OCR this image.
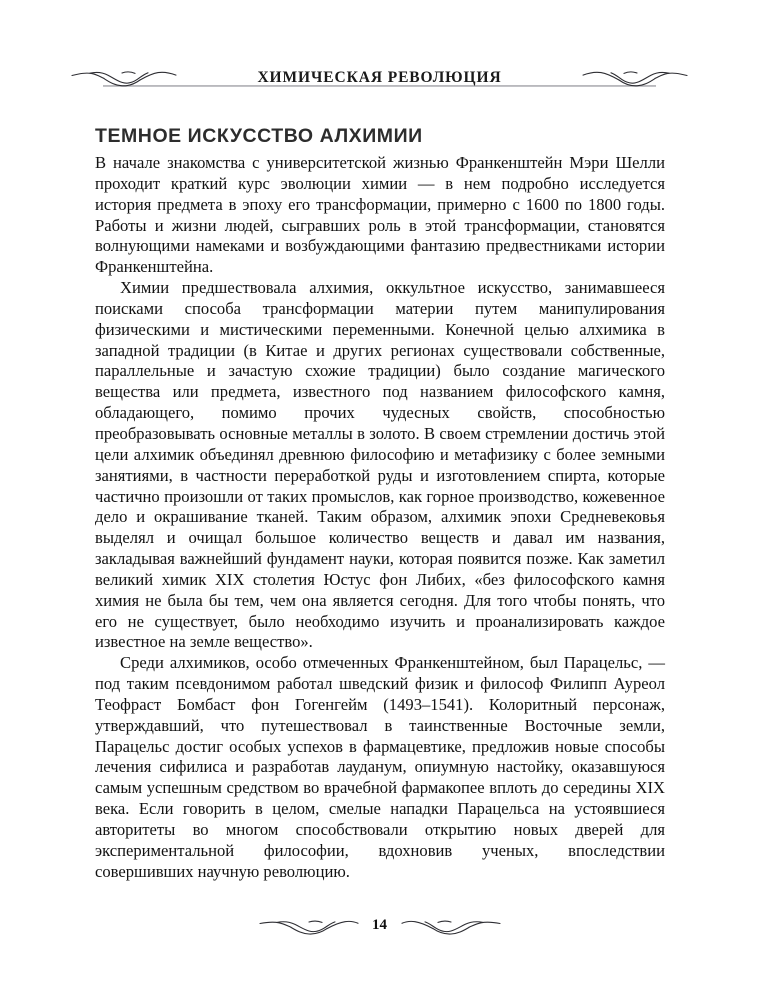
ХИМИЧЕСКАЯ РЕВОЛЮЦИЯ
ТЕМНОЕ ИСКУССТВО АЛХИМИИ

В начале знакомства с университетской жизнью Франкенштейн Мэри Шелли проходит краткий курс эволюции химии — в нем подробно исследуется история предмета в эпоху его трансформации, примерно с 1600 по 1800 годы. Работы и жизни людей, сыгравших роль в этой трансформации, становятся волнующими намеками и возбуждающими фантазию предвестниками истории Франкенштейна.

Химии предшествовала алхимия, оккультное искусство, занимавшееся поисками способа трансформации материи путем манипулирования физическими и мистическими переменными. Конечной целью алхимика в западной традиции (в Китае и других регионах существовали собственные, параллельные и зачастую схожие традиции) было создание магического вещества или предмета, известного под названием философского камня, обладающего, помимо прочих чудесных свойств, способностью преобразовывать основные металлы в золото. В своем стремлении достичь этой цели алхимик объединял древнюю философию и метафизику с более земными занятиями, в частности переработкой руды и изготовлением спирта, которые частично произошли от таких промыслов, как горное производство, кожевенное дело и окрашивание тканей. Таким образом, алхимик эпохи Средневековья выделял и очищал большое количество веществ и давал им названия, закладывая важнейший фундамент науки, которая появится позже. Как заметил великий химик XIX столетия Юстус фон Либих, «без философского камня химия не была бы тем, чем она является сегодня. Для того чтобы понять, что его не существует, было необходимо изучить и проанализировать каждое известное на земле вещество».

Среди алхимиков, особо отмеченных Франкенштейном, был Парацельс, — под таким псевдонимом работал шведский физик и философ Филипп Ауреол Теофраст Бомбаст фон Гогенгейм (1493–1541). Колоритный персонаж, утверждавший, что путешествовал в таинственные Восточные земли, Парацельс достиг особых успехов в фармацевтике, предложив новые способы лечения сифилиса и разработав лауданум, опиумную настойку, оказавшуюся самым успешным средством во врачебной фармакопее вплоть до середины XIX века. Если говорить в целом, смелые нападки Парацельса на устоявшиеся авторитеты во многом способствовали открытию новых дверей для экспериментальной философии, вдохновив ученых, впоследствии совершивших научную революцию.

14
